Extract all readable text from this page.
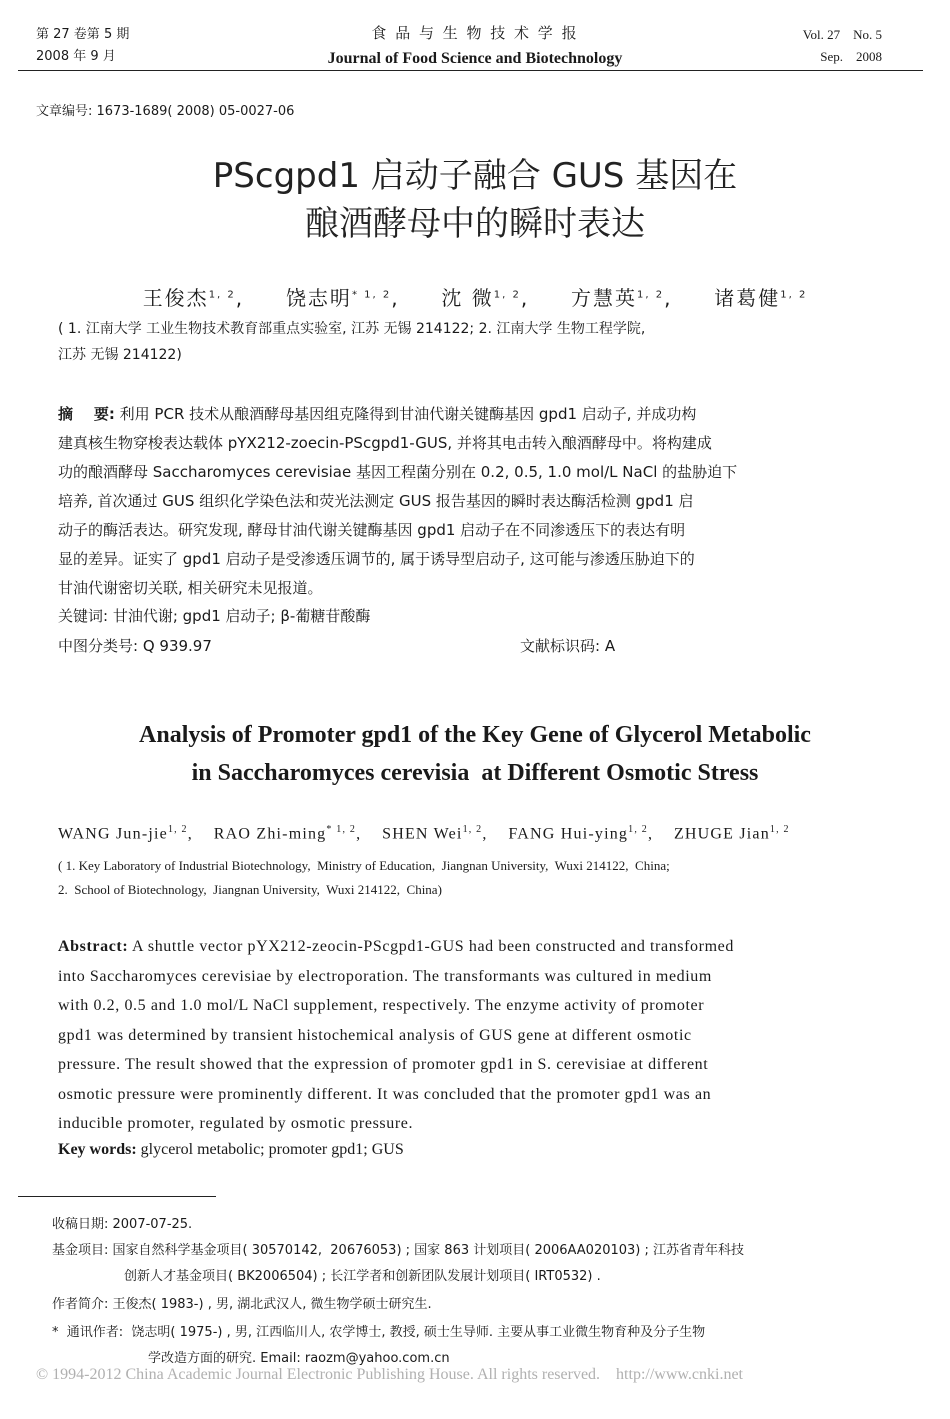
第 27 卷第 5 期
2008 年 9 月
食 品 与 生 物 技 术 学 报
Journal of Food Science and Biotechnology
Vol. 27    No. 5
Sep.    2008
文章编号: 1673-1689( 2008) 05-0027-06
PScgpd1 启动子融合 GUS 基因在
酿酒酵母中的瞬时表达
王俊杰$^{1, 2}$,     饶志明$^{* 1, 2}$,     沈 微$^{1, 2}$,     方慧英$^{1, 2}$,     诸葛健$^{1, 2}$
( 1. 江南大学 工业生物技术教育部重点实验室, 江苏 无锡 214122; 2. 江南大学 生物工程学院,
江苏 无锡 214122)
摘    要: 利用 PCR 技术从酿酒酵母基因组克隆得到甘油代谢关键酶基因 gpd1 启动子, 并成功构
建真核生物穿梭表达载体 pYX212-zoecin-PScgpd1-GUS, 并将其电击转入酿酒酵母中。将构建成
功的酿酒酵母 Saccharomyces cerevisiae 基因工程菌分别在 0.2, 0.5, 1.0 mol/L NaCl 的盐胁迫下
培养, 首次通过 GUS 组织化学染色法和荧光法测定 GUS 报告基因的瞬时表达酶活检测 gpd1 启
动子的酶活表达。研究发现, 酵母甘油代谢关键酶基因 gpd1 启动子在不同渗透压下的表达有明
显的差异。证实了 gpd1 启动子是受渗透压调节的, 属于诱导型启动子, 这可能与渗透压胁迫下的
甘油代谢密切关联, 相关研究未见报道。
关键词: 甘油代谢; gpd1 启动子; β-葡糖苷酸酶
中图分类号: Q 939.97	文献标识码: A
Analysis of Promoter gpd1 of the Key Gene of Glycerol Metabolic
in Saccharomyces cerevisia  at Different Osmotic Stress
WANG Jun-jie$^{1, 2}$,    RAO Zhi-ming$^{* 1, 2}$,    SHEN Wei$^{1, 2}$,    FANG Hui-ying$^{1, 2}$,    ZHUGE Jian$^{1, 2}$
( 1. Key Laboratory of Industrial Biotechnology,  Ministry of Education,  Jiangnan University,  Wuxi 214122,  China;
2.  School of Biotechnology,  Jiangnan University,  Wuxi 214122,  China)
Abstract: A shuttle vector pYX212-zeocin-PScgpd1-GUS had been constructed and transformed
into Saccharomyces cerevisiae by electroporation. The transformants was cultured in medium
with 0.2, 0.5 and 1.0 mol/L NaCl supplement, respectively. The enzyme activity of promoter
gpd1 was determined by transient histochemical analysis of GUS gene at different osmotic
pressure. The result showed that the expression of promoter gpd1 in S. cerevisiae at different
osmotic pressure were prominently different. It was concluded that the promoter gpd1 was an
inducible promoter, regulated by osmotic pressure.
Key words: glycerol metabolic; promoter gpd1; GUS
收稿日期: 2007-07-25.
基金项目: 国家自然科学基金项目( 30570142,  20676053) ; 国家 863 计划项目( 2006AA020103) ; 江苏省青年科技
创新人才基金项目( BK2006504) ; 长江学者和创新团队发展计划项目( IRT0532) .
作者简介: 王俊杰( 1983-) , 男, 湖北武汉人, 微生物学硕士研究生.
*  通讯作者:  饶志明( 1975-) , 男, 江西临川人, 农学博士, 教授, 硕士生导师. 主要从事工业微生物育种及分子生物
学改造方面的研究. Email: raozm@yahoo.com.cn
© 1994-2012 China Academic Journal Electronic Publishing House. All rights reserved.    http://www.cnki.net
